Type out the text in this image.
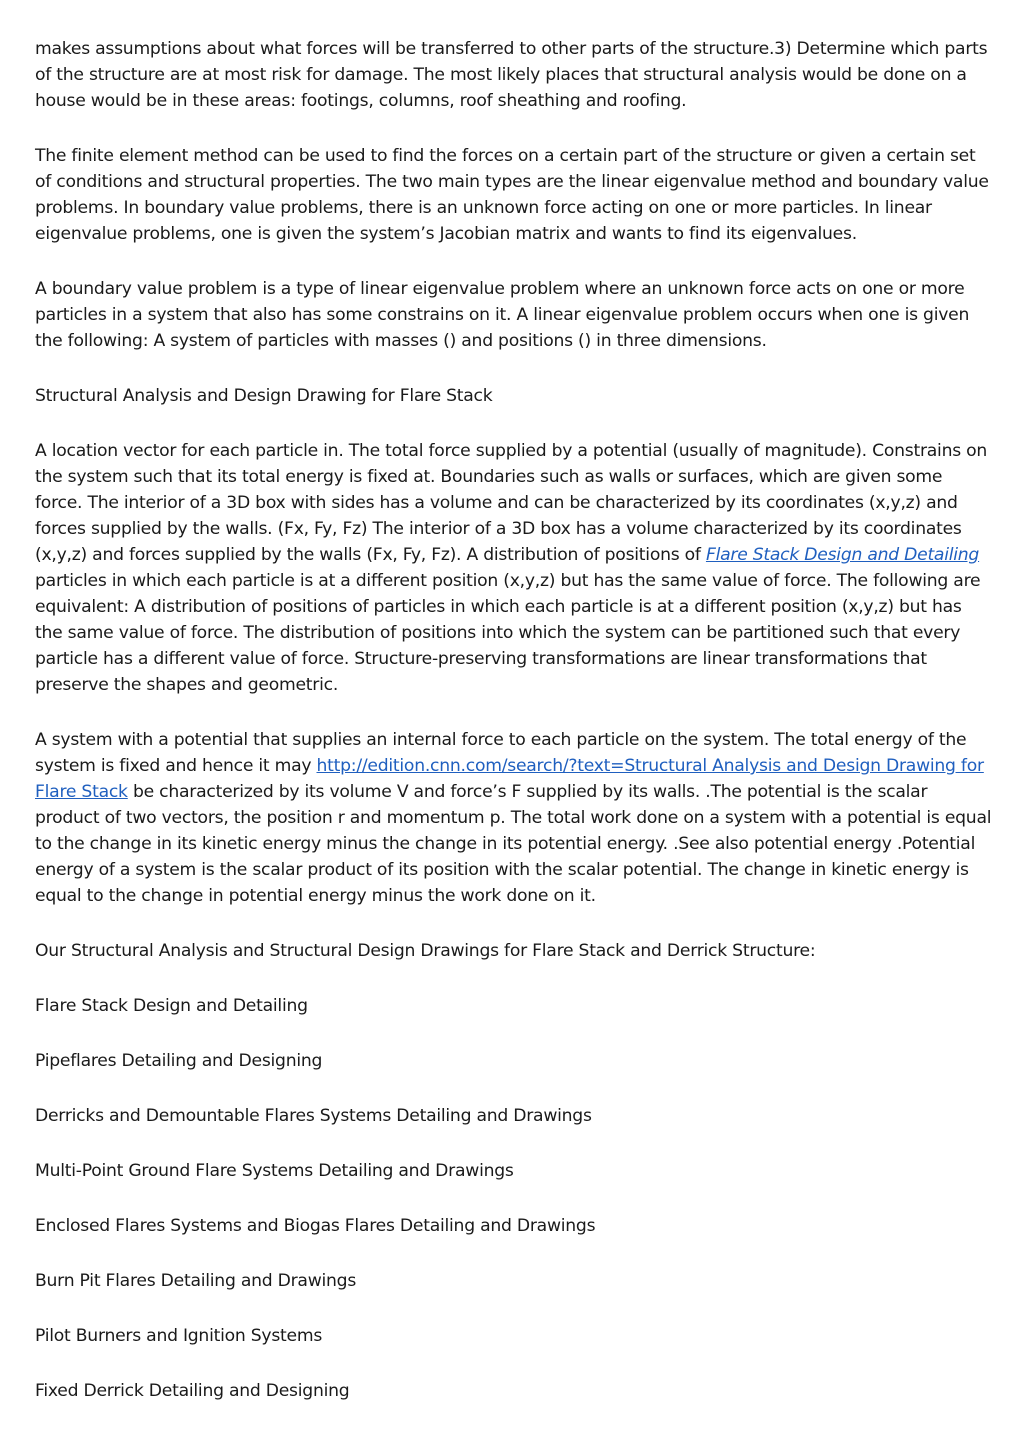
makes assumptions about what forces will be transferred to other parts of the structure.3) Determine which parts of the structure are at most risk for damage. The most likely places that structural analysis would be done on a house would be in these areas: footings, columns, roof sheathing and roofing.

The finite element method can be used to find the forces on a certain part of the structure or given a certain set of conditions and structural properties. The two main types are the linear eigenvalue method and boundary value problems. In boundary value problems, there is an unknown force acting on one or more particles. In linear eigenvalue problems, one is given the system’s Jacobian matrix and wants to find its eigenvalues.

A boundary value problem is a type of linear eigenvalue problem where an unknown force acts on one or more particles in a system that also has some constrains on it. A linear eigenvalue problem occurs when one is given the following: A system of particles with masses () and positions () in three dimensions.

Structural Analysis and Design Drawing for Flare Stack

A location vector for each particle in. The total force supplied by a potential (usually of magnitude). Constrains on the system such that its total energy is fixed at. Boundaries such as walls or surfaces, which are given some force. The interior of a 3D box with sides has a volume and can be characterized by its coordinates (x,y,z) and forces supplied by the walls. (Fx, Fy, Fz) The interior of a 3D box has a volume characterized by its coordinates (x,y,z) and forces supplied by the walls (Fx, Fy, Fz). A distribution of positions of Flare Stack Design and Detailing particles in which each particle is at a different position (x,y,z) but has the same value of force. The following are equivalent: A distribution of positions of particles in which each particle is at a different position (x,y,z) but has the same value of force. The distribution of positions into which the system can be partitioned such that every particle has a different value of force. Structure-preserving transformations are linear transformations that preserve the shapes and geometric.

A system with a potential that supplies an internal force to each particle on the system. The total energy of the system is fixed and hence it may http://edition.cnn.com/search/?text=Structural Analysis and Design Drawing for Flare Stack be characterized by its volume V and force’s F supplied by its walls. .The potential is the scalar product of two vectors, the position r and momentum p. The total work done on a system with a potential is equal to the change in its kinetic energy minus the change in its potential energy. .See also potential energy .Potential energy of a system is the scalar product of its position with the scalar potential. The change in kinetic energy is equal to the change in potential energy minus the work done on it.

Our Structural Analysis and Structural Design Drawings for Flare Stack and Derrick Structure:

Flare Stack Design and Detailing

Pipeflares Detailing and Designing

Derricks and Demountable Flares Systems Detailing and Drawings

Multi-Point Ground Flare Systems Detailing and Drawings

Enclosed Flares Systems and Biogas Flares Detailing and Drawings

Burn Pit Flares Detailing and Drawings

Pilot Burners and Ignition Systems

Fixed Derrick Detailing and Designing
